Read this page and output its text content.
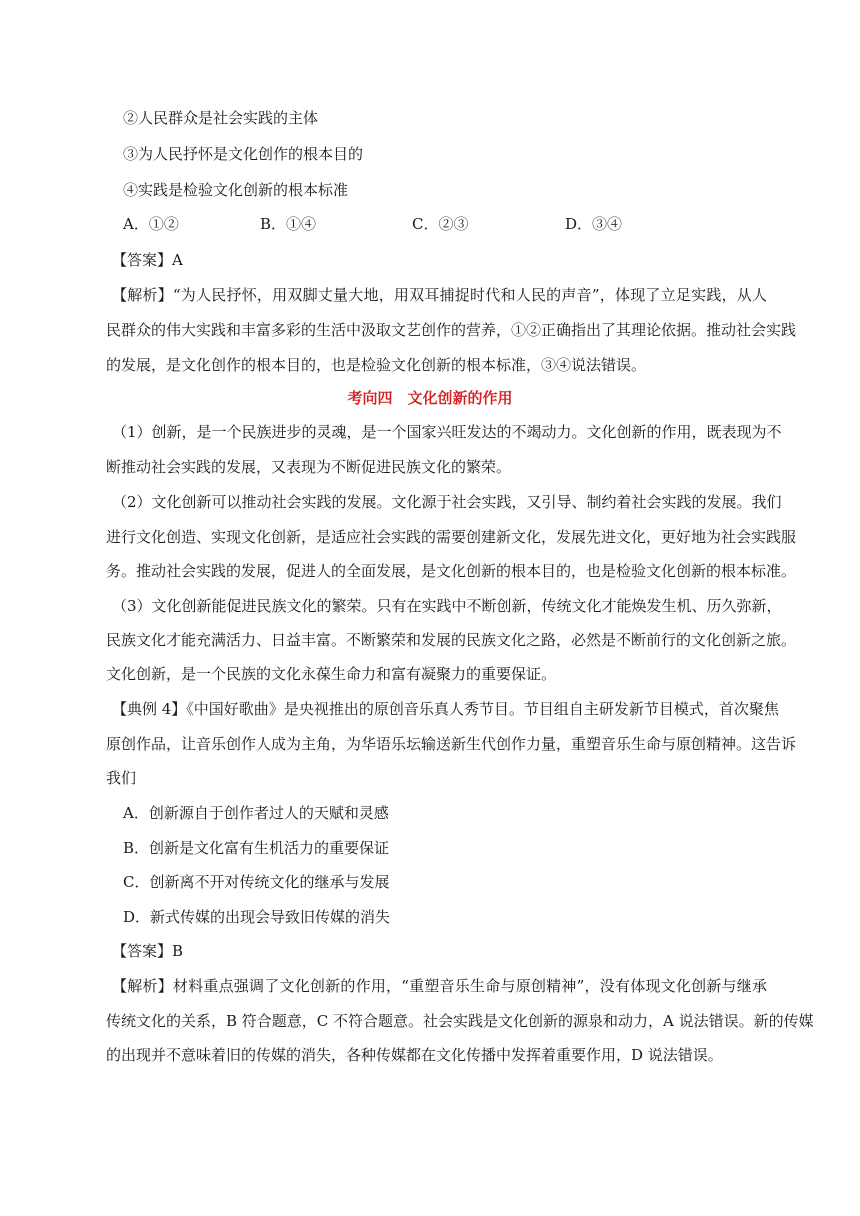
②人民群众是社会实践的主体
③为人民抒怀是文化创作的根本目的
④实践是检验文化创新的根本标准
A．①②	B．①④	C．②③	D．③④
【答案】A
【解析】“为人民抒怀，用双脚丈量大地，用双耳捕捉时代和人民的声音”，体现了立足实践，从人
民群众的伟大实践和丰富多彩的生活中汲取文艺创作的营养，①②正确指出了其理论依据。推动社会实践
的发展，是文化创作的根本目的，也是检验文化创新的根本标准，③④说法错误。
考向四　文化创新的作用
（1）创新，是一个民族进步的灵魂，是一个国家兴旺发达的不竭动力。文化创新的作用，既表现为不
断推动社会实践的发展，又表现为不断促进民族文化的繁荣。
（2）文化创新可以推动社会实践的发展。文化源于社会实践，又引导、制约着社会实践的发展。我们
进行文化创造、实现文化创新，是适应社会实践的需要创建新文化，发展先进文化，更好地为社会实践服
务。推动社会实践的发展，促进人的全面发展，是文化创新的根本目的，也是检验文化创新的根本标准。
（3）文化创新能促进民族文化的繁荣。只有在实践中不断创新，传统文化才能焕发生机、历久弥新，
民族文化才能充满活力、日益丰富。不断繁荣和发展的民族文化之路，必然是不断前行的文化创新之旅。
文化创新，是一个民族的文化永葆生命力和富有凝聚力的重要保证。
【典例 4】《中国好歌曲》是央视推出的原创音乐真人秀节目。节目组自主研发新节目模式，首次聚焦
原创作品，让音乐创作人成为主角，为华语乐坛输送新生代创作力量，重塑音乐生命与原创精神。这告诉
我们
A．创新源自于创作者过人的天赋和灵感
B．创新是文化富有生机活力的重要保证
C．创新离不开对传统文化的继承与发展
D．新式传媒的出现会导致旧传媒的消失
【答案】B
【解析】材料重点强调了文化创新的作用，“重塑音乐生命与原创精神”，没有体现文化创新与继承
传统文化的关系，B 符合题意，C 不符合题意。社会实践是文化创新的源泉和动力，A 说法错误。新的传媒
的出现并不意味着旧的传媒的消失，各种传媒都在文化传播中发挥着重要作用，D 说法错误。
